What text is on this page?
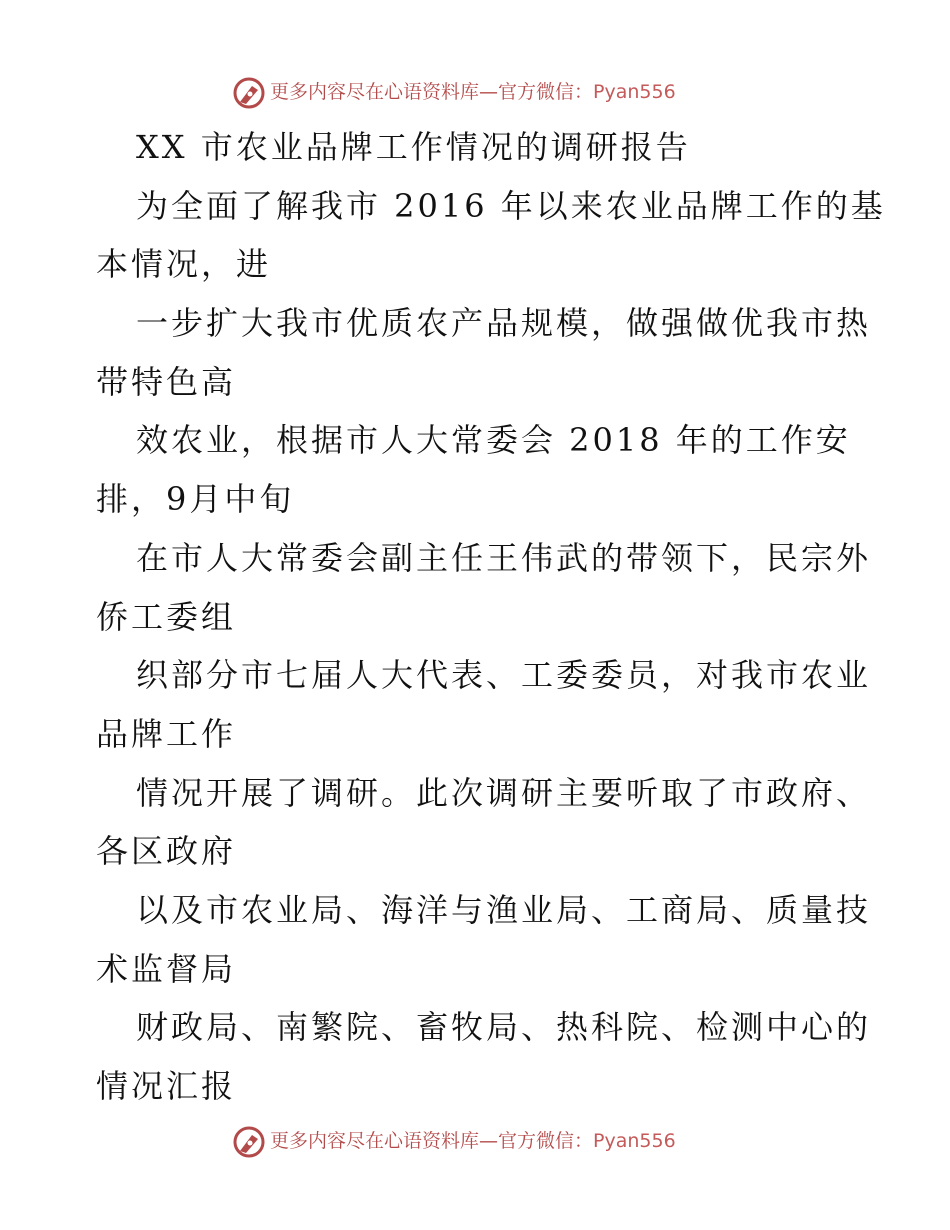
更多内容尽在心语资料库—官方微信：Pyan556
XX 市农业品牌工作情况的调研报告
为全面了解我市 2016 年以来农业品牌工作的基
本情况，进
一步扩大我市优质农产品规模，做强做优我市热
带特色高
效农业，根据市人大常委会 2018 年的工作安
排，9月中旬
在市人大常委会副主任王伟武的带领下，民宗外
侨工委组
织部分市七届人大代表、工委委员，对我市农业
品牌工作
情况开展了调研。此次调研主要听取了市政府、
各区政府
以及市农业局、海洋与渔业局、工商局、质量技
术监督局
财政局、南繁院、畜牧局、热科院、检测中心的
情况汇报
更多内容尽在心语资料库—官方微信：Pyan556
